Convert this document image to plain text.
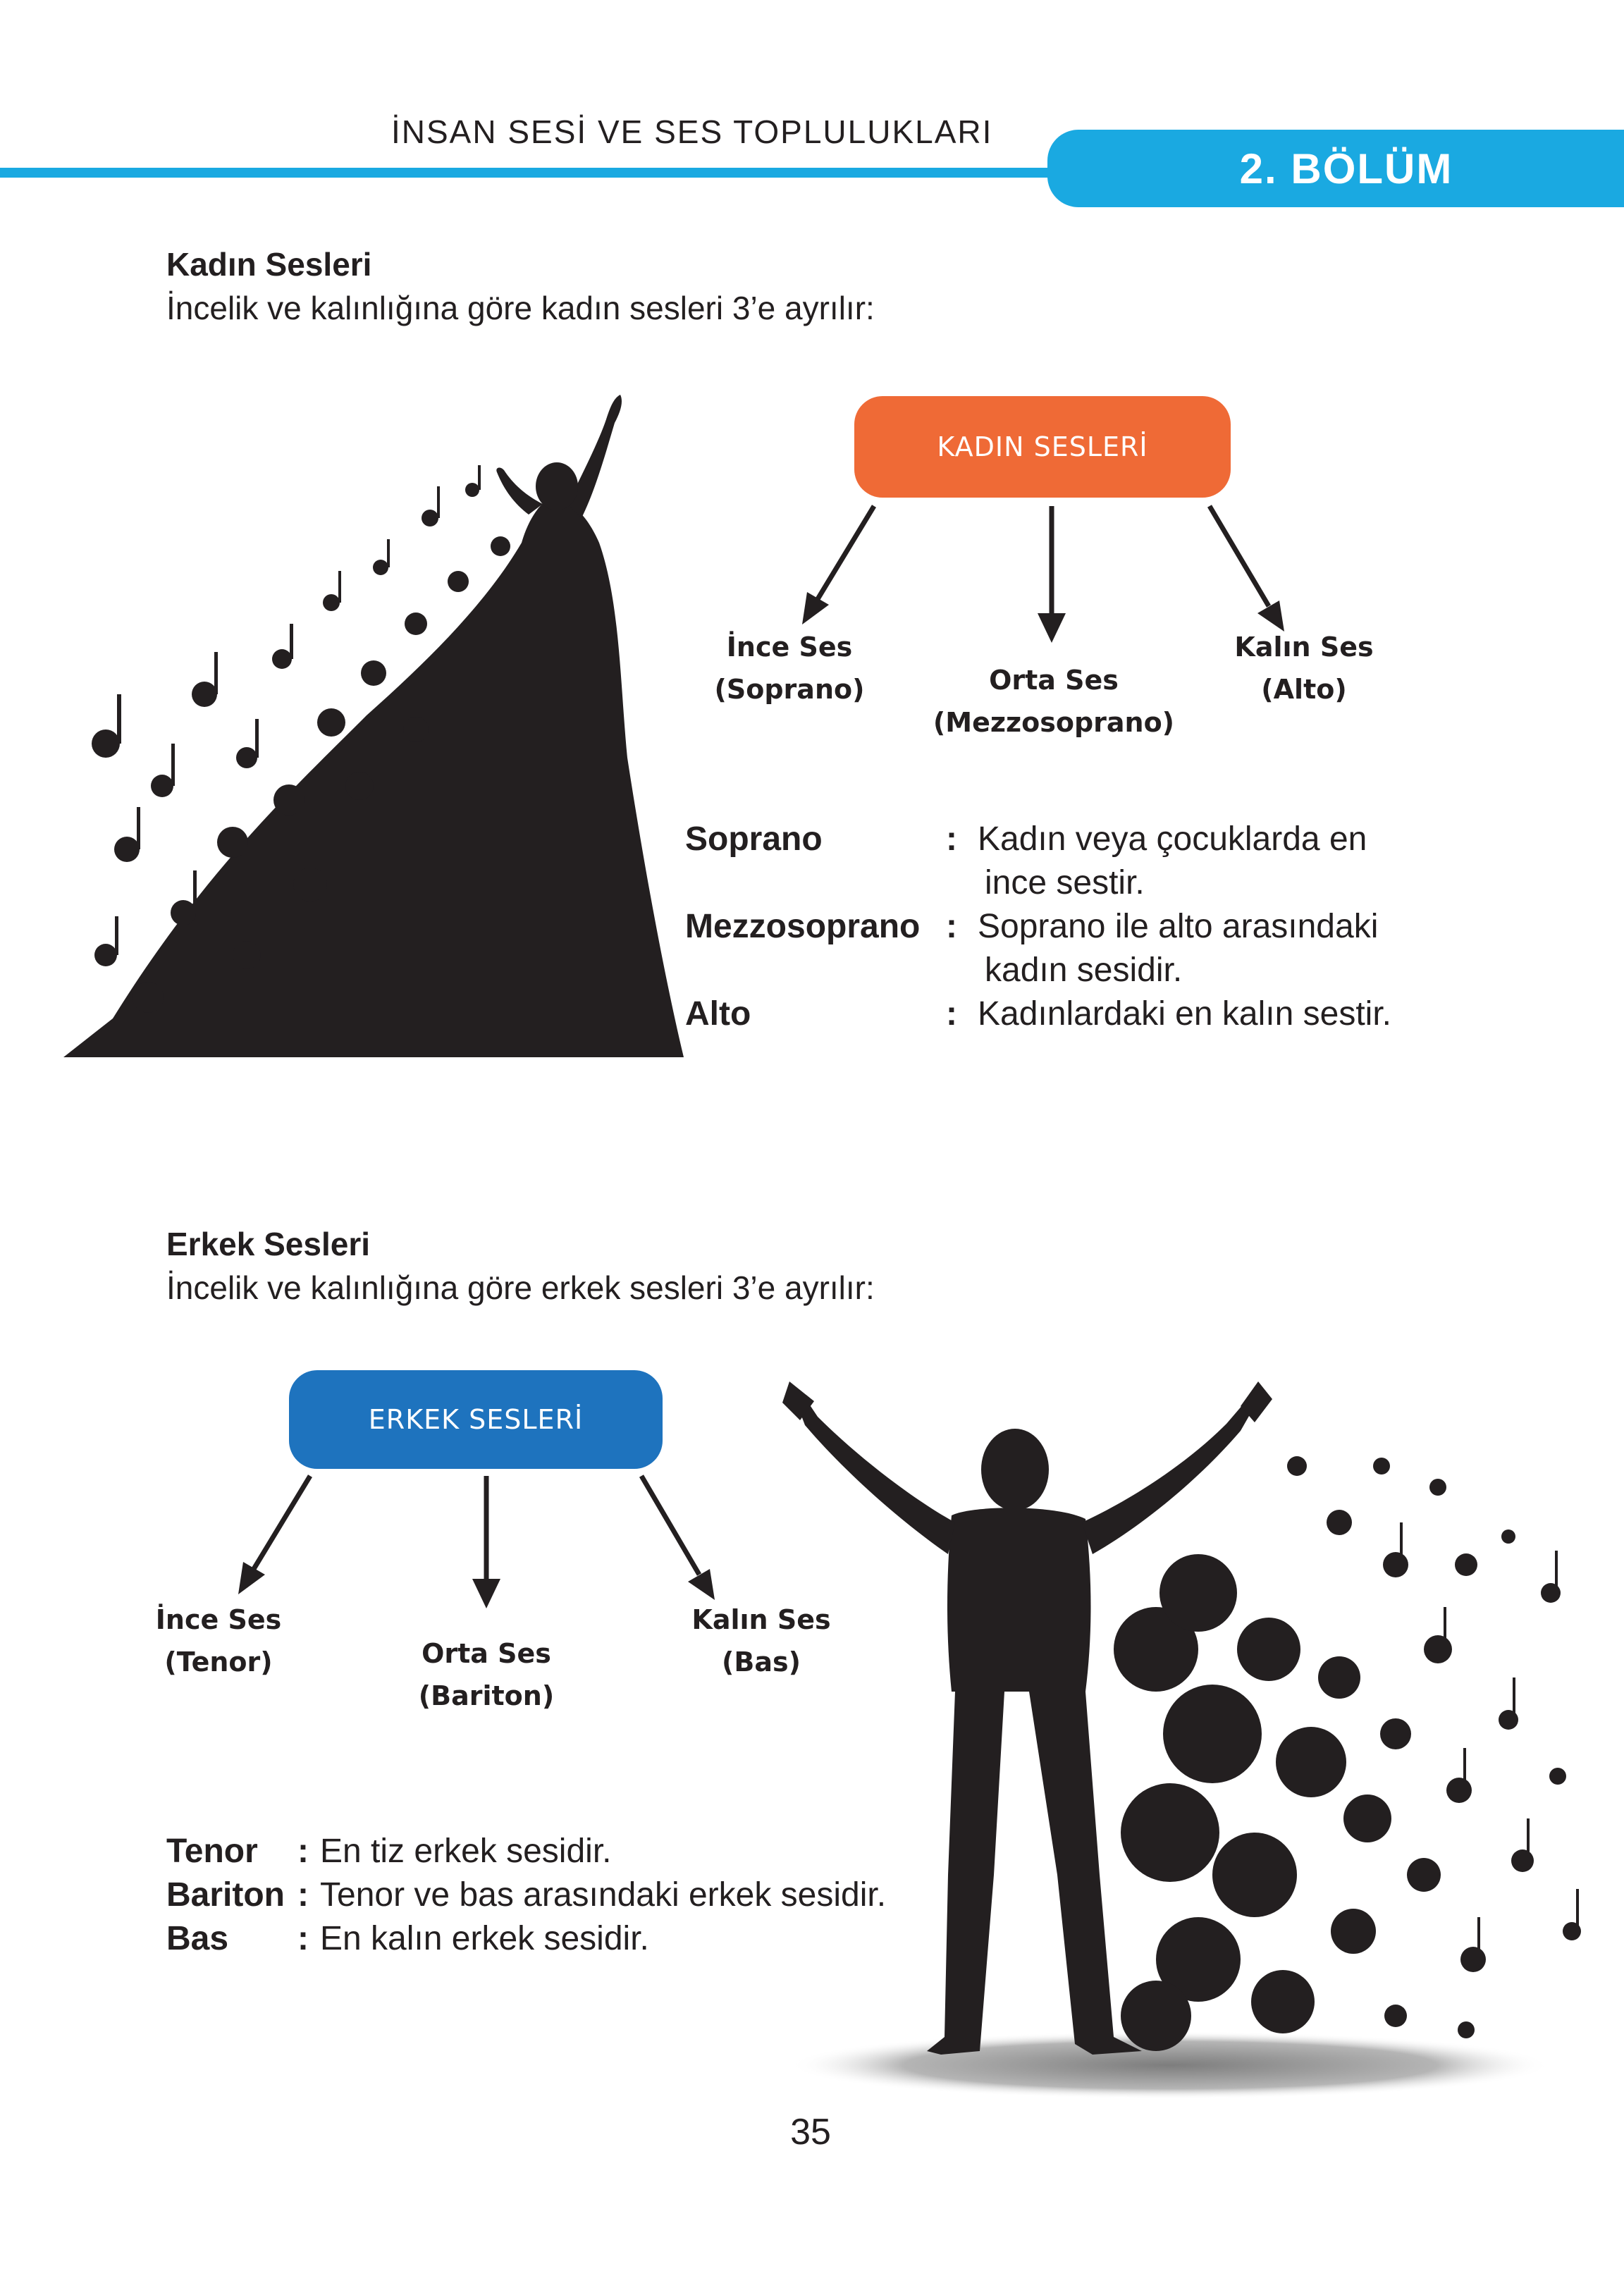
İNSAN SESİ VE SES TOPLULUKLARI
2. BÖLÜM
Kadın Sesleri
İncelik ve kalınlığına göre kadın sesleri 3’e ayrılır:
KADIN SESLERİ
İnce Ses
(Soprano)	Orta Ses
(Mezzosoprano)
Kalın Ses
(Alto)
Soprano	: Kadın veya çocuklarda en
ince sestir.
Mezzosoprano : Soprano ile alto arasındaki
kadın sesidir.
Alto	: Kadınlardaki en kalın sestir.
Erkek Sesleri
İncelik ve kalınlığına göre erkek sesleri 3’e ayrılır:
ERKEK SESLERİ
İnce Ses
(Tenor)	Orta Ses
(Bariton)
Kalın Ses
(Bas)
Tenor : En tiz erkek sesidir.
Bariton : Tenor ve bas arasındaki erkek sesidir.
Bas : En kalın erkek sesidir.
35
